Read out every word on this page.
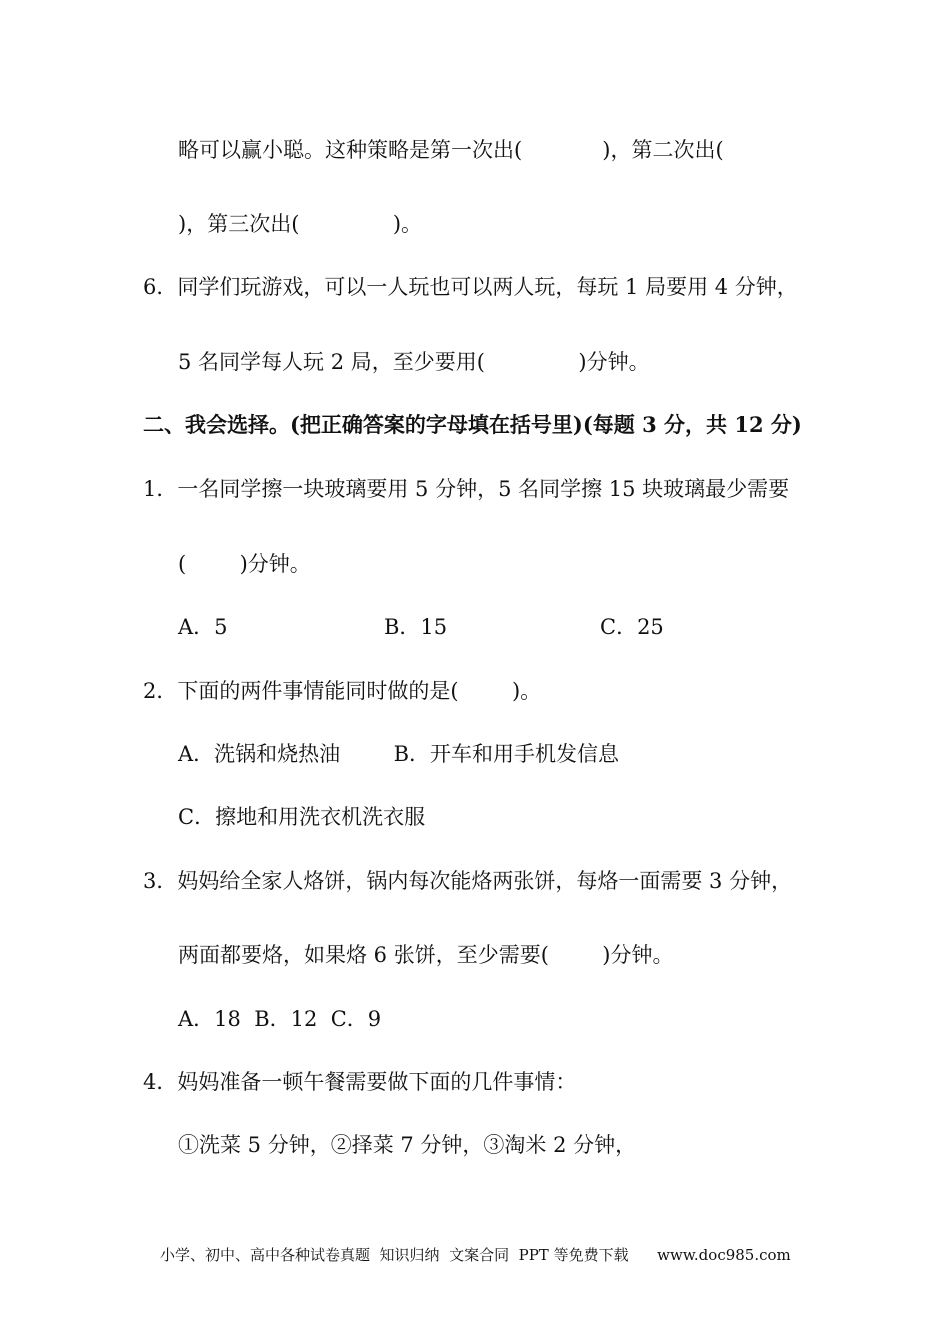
略可以赢小聪。这种策略是第一次出(            )，第二次出(
)，第三次出(              )。
6．同学们玩游戏，可以一人玩也可以两人玩，每玩 1 局要用 4 分钟，
5 名同学每人玩 2 局，至少要用(              )分钟。
二、我会选择。(把正确答案的字母填在括号里)(每题 3 分，共 12 分)
1．一名同学擦一块玻璃要用 5 分钟，5 名同学擦 15 块玻璃最少需要
(        )分钟。
A．5	B．15	C．25
2．下面的两件事情能同时做的是(        )。
A．洗锅和烧热油        B．开车和用手机发信息
C．擦地和用洗衣机洗衣服
3．妈妈给全家人烙饼，锅内每次能烙两张饼，每烙一面需要 3 分钟，
两面都要烙，如果烙 6 张饼，至少需要(        )分钟。
A．18  B．12  C．9
4．妈妈准备一顿午餐需要做下面的几件事情：
①洗菜 5 分钟，②择菜 7 分钟，③淘米 2 分钟，
小学、初中、高中各种试卷真题  知识归纳  文案合同  PPT 等免费下载      www.doc985.com
